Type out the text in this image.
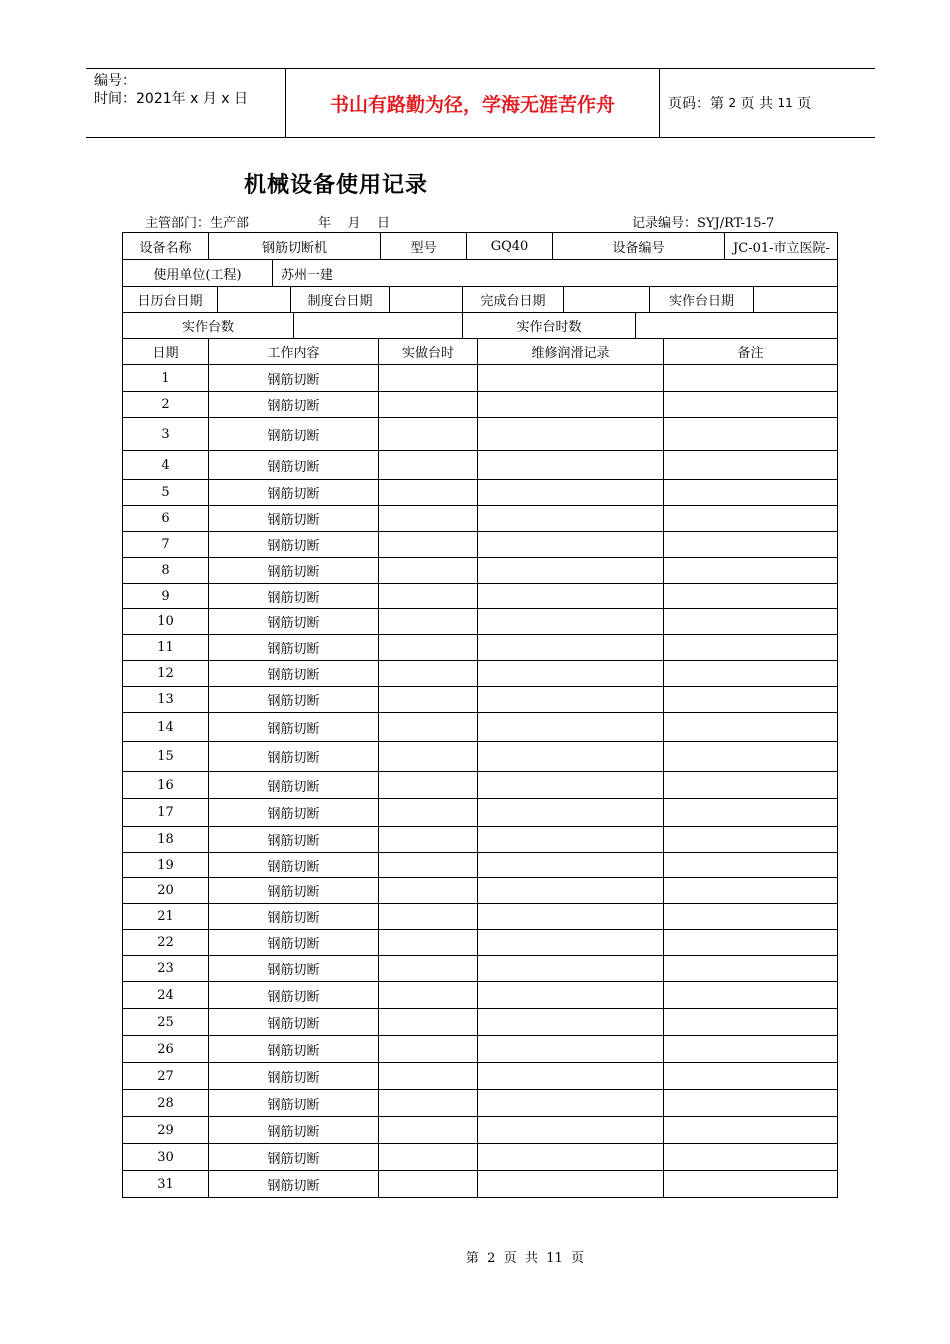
编号：
时间：2021年 x 月 x 日	书山有路勤为径，学海无涯苦作舟	页码：第
2
页 共
11
页
机械设备使用记录
主管部门：生产部	年    月    日	记录编号：SYJ/RT-15-7
设备名称	钢筋切断机	型号	GQ40	设备编号	JC-01-市立医院-
使用单位(工程)	苏州一建
日历台日期		制度台日期		完成台日期		实作台日期	
实作台数		实作台时数	
日期	工作内容	实做台时	维修润滑记录	备注
1	钢筋切断			
2	钢筋切断			
3	钢筋切断			
4	钢筋切断			
5	钢筋切断			
6	钢筋切断			
7	钢筋切断			
8	钢筋切断			
9	钢筋切断			
10	钢筋切断			
11	钢筋切断			
12	钢筋切断			
13	钢筋切断			
14	钢筋切断			
15	钢筋切断			
16	钢筋切断			
17	钢筋切断			
18	钢筋切断			
19	钢筋切断			
20	钢筋切断			
21	钢筋切断			
22	钢筋切断			
23	钢筋切断			
24	钢筋切断			
25	钢筋切断			
26	钢筋切断			
27	钢筋切断			
28	钢筋切断			
29	钢筋切断			
30	钢筋切断			
31	钢筋切断			
第  2  页  共  11  页
